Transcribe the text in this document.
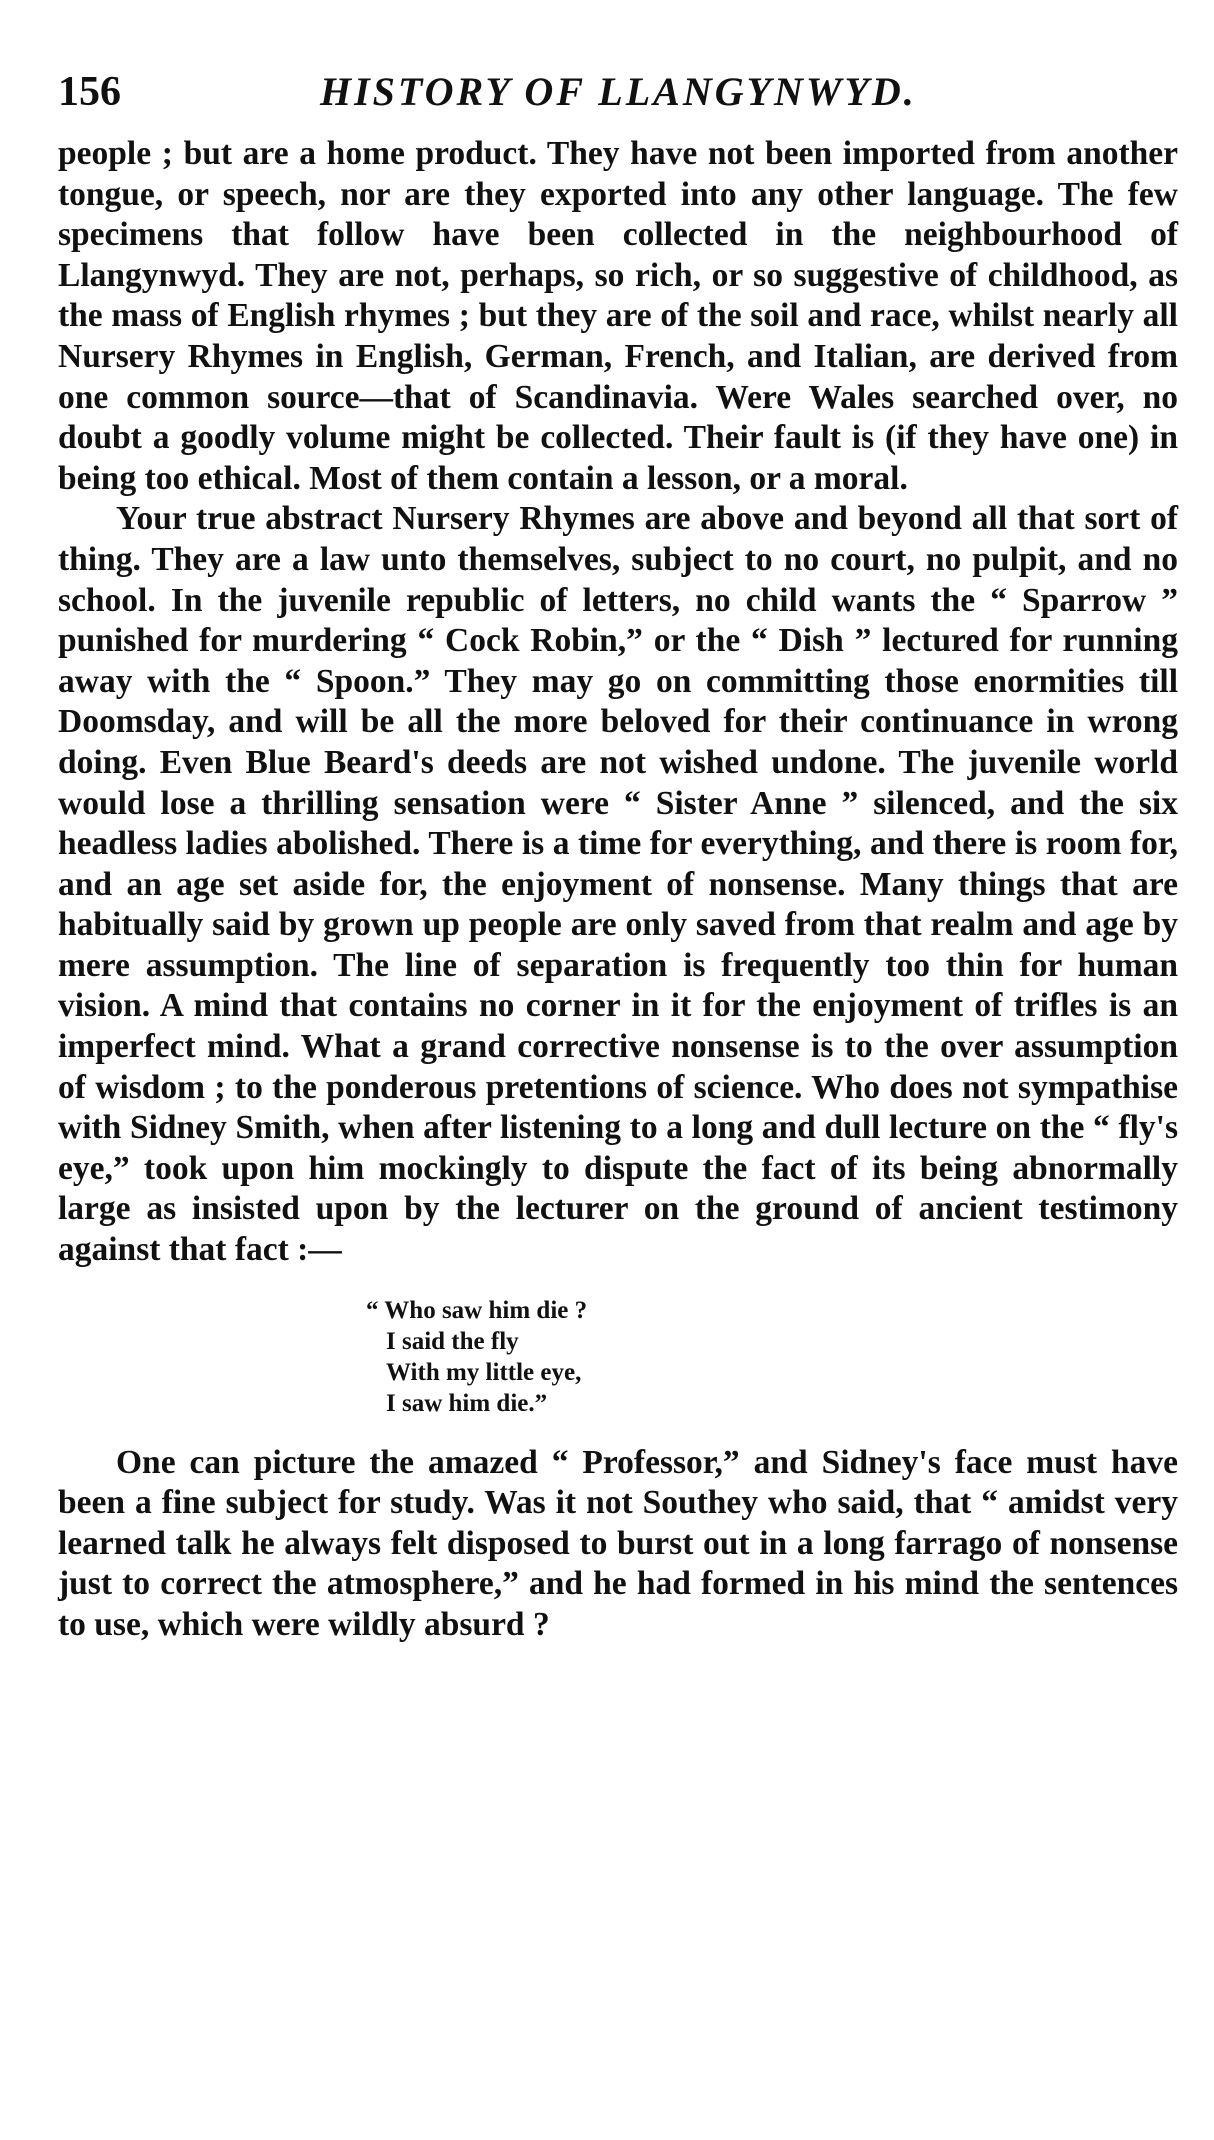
156	HISTORY OF LLANGYNWYD.

people ; but are a home product. They have not been imported from another tongue, or speech, nor are they exported into any other language. The few specimens that follow have been collected in the neighbourhood of Llangynwyd. They are not, perhaps, so rich, or so suggestive of childhood, as the mass of English rhymes ; but they are of the soil and race, whilst nearly all Nursery Rhymes in English, German, French, and Italian, are derived from one common source—that of Scandinavia. Were Wales searched over, no doubt a goodly volume might be collected. Their fault is (if they have one) in being too ethical. Most of them contain a lesson, or a moral.

Your true abstract Nursery Rhymes are above and beyond all that sort of thing. They are a law unto themselves, subject to no court, no pulpit, and no school. In the juvenile republic of letters, no child wants the “ Sparrow ” punished for murdering “ Cock Robin,” or the “ Dish ” lectured for running away with the “ Spoon.” They may go on committing those enormities till Doomsday, and will be all the more beloved for their continuance in wrong doing. Even Blue Beard's deeds are not wished undone. The juvenile world would lose a thrilling sensation were “ Sister Anne ” silenced, and the six headless ladies abolished. There is a time for everything, and there is room for, and an age set aside for, the enjoyment of nonsense. Many things that are habitually said by grown up people are only saved from that realm and age by mere assumption. The line of separation is frequently too thin for human vision. A mind that contains no corner in it for the enjoyment of trifles is an imperfect mind. What a grand corrective nonsense is to the over assumption of wisdom ; to the ponderous pretentions of science. Who does not sympathise with Sidney Smith, when after listening to a long and dull lecture on the “ fly's eye,” took upon him mockingly to dispute the fact of its being abnormally large as insisted upon by the lecturer on the ground of ancient testimony against that fact :—

“ Who saw him die ?
I said the fly
With my little eye,
I saw him die.”

One can picture the amazed “ Professor,” and Sidney's face must have been a fine subject for study. Was it not Southey who said, that “ amidst very learned talk he always felt disposed to burst out in a long farrago of nonsense just to correct the atmosphere,” and he had formed in his mind the sentences to use, which were wildly absurd ?
